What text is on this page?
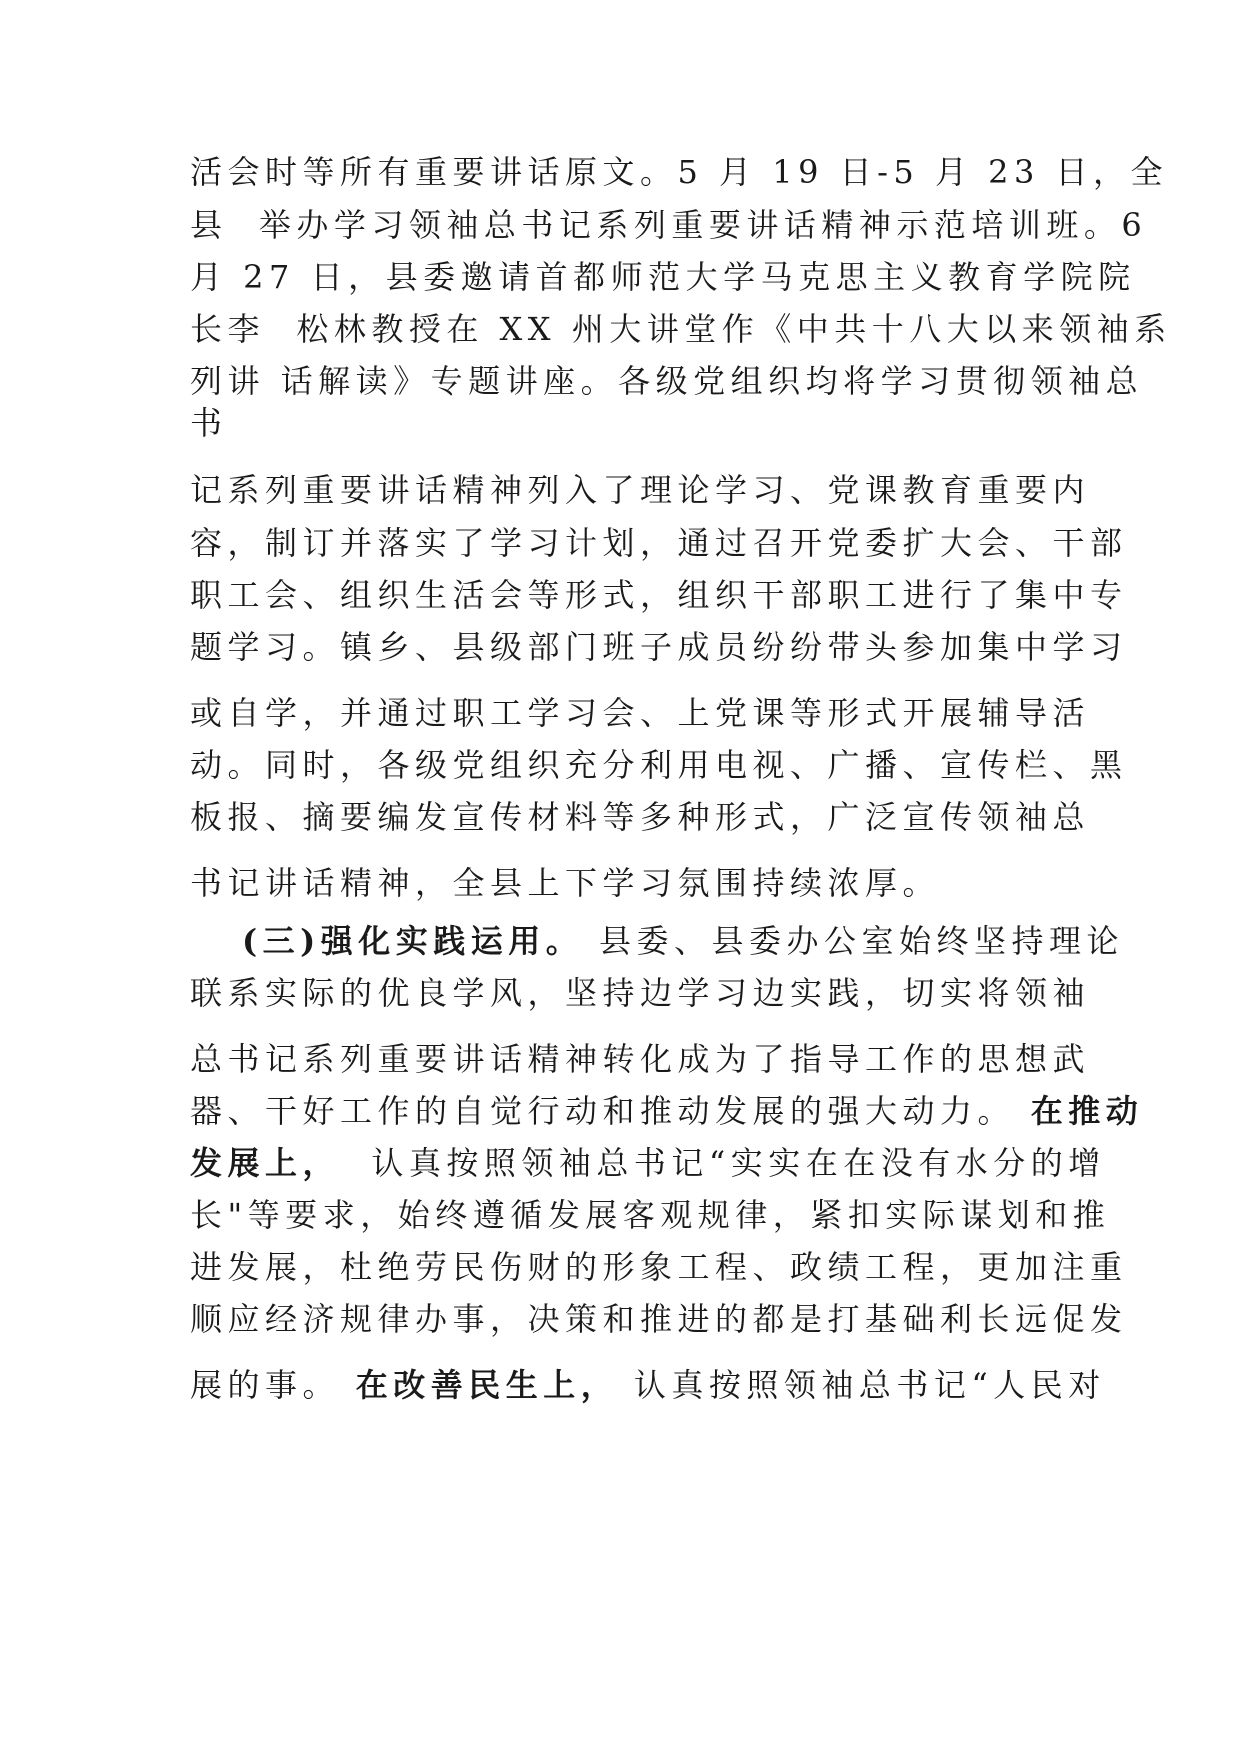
活会时等所有重要讲话原文。5 月 19 日-5 月 23 日，全

县  举办学习领袖总书记系列重要讲话精神示范培训班。6

月 27 日，县委邀请首都师范大学马克思主义教育学院院

长李  松林教授在 XX 州大讲堂作《中共十八大以来领袖系

列讲 话解读》专题讲座。各级党组织均将学习贯彻领袖总

书

记系列重要讲话精神列入了理论学习、党课教育重要内

容，制订并落实了学习计划，通过召开党委扩大会、干部

职工会、组织生活会等形式，组织干部职工进行了集中专

题学习。镇乡、县级部门班子成员纷纷带头参加集中学习

或自学，并通过职工学习会、上党课等形式开展辅导活

动。同时，各级党组织充分利用电视、广播、宣传栏、黑

板报、摘要编发宣传材料等多种形式，广泛宣传领袖总

书记讲话精神，全县上下学习氛围持续浓厚。

(三)强化实践运用。 县委、县委办公室始终坚持理论

联系实际的优良学风，坚持边学习边实践，切实将领袖

总书记系列重要讲话精神转化成为了指导工作的思想武

器、干好工作的自觉行动和推动发展的强大动力。 在推动

发展上，  认真按照领袖总书记“实实在在没有水分的增

长"等要求，始终遵循发展客观规律，紧扣实际谋划和推

进发展，杜绝劳民伤财的形象工程、政绩工程，更加注重

顺应经济规律办事，决策和推进的都是打基础利长远促发

展的事。 在改善民生上， 认真按照领袖总书记“人民对
